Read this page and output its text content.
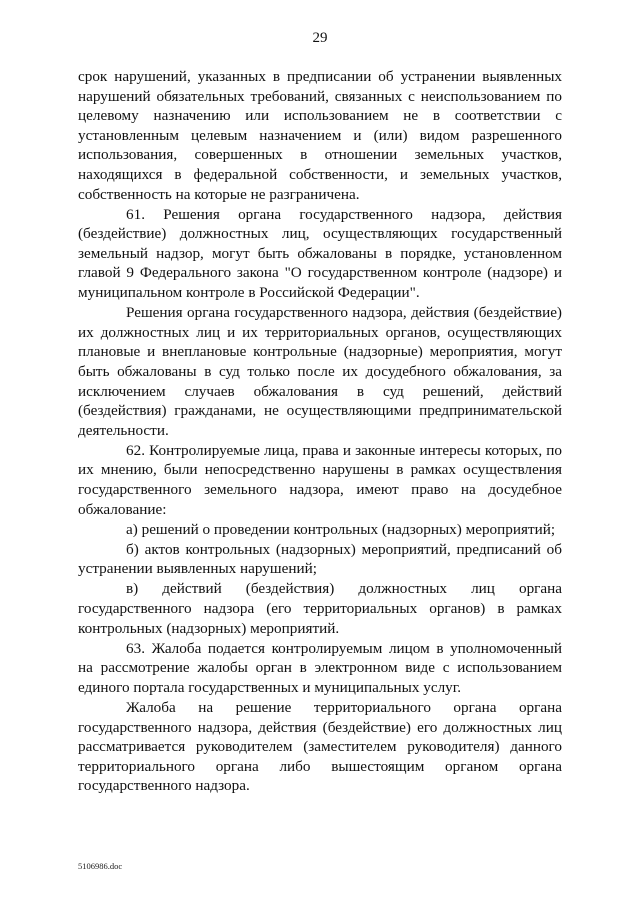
29

срок нарушений, указанных в предписании об устранении выявленных нарушений обязательных требований, связанных с неиспользованием по целевому назначению или использованием не в соответствии с установленным целевым назначением и (или) видом разрешенного использования, совершенных в отношении земельных участков, находящихся в федеральной собственности, и земельных участков, собственность на которые не разграничена.

61. Решения органа государственного надзора, действия (бездействие) должностных лиц, осуществляющих государственный земельный надзор, могут быть обжалованы в порядке, установленном главой 9 Федерального закона "О государственном контроле (надзоре) и муниципальном контроле в Российской Федерации".

Решения органа государственного надзора, действия (бездействие) их должностных лиц и их территориальных органов, осуществляющих плановые и внеплановые контрольные (надзорные) мероприятия, могут быть обжалованы в суд только после их досудебного обжалования, за исключением случаев обжалования в суд решений, действий (бездействия) гражданами, не осуществляющими предпринимательской деятельности.

62. Контролируемые лица, права и законные интересы которых, по их мнению, были непосредственно нарушены в рамках осуществления государственного земельного надзора, имеют право на досудебное обжалование:

а) решений о проведении контрольных (надзорных) мероприятий;

б) актов контрольных (надзорных) мероприятий, предписаний об устранении выявленных нарушений;

в) действий (бездействия) должностных лиц органа государственного надзора (его территориальных органов) в рамках контрольных (надзорных) мероприятий.

63. Жалоба подается контролируемым лицом в уполномоченный на рассмотрение жалобы орган в электронном виде с использованием единого портала государственных и муниципальных услуг.

Жалоба на решение территориального органа органа государственного надзора, действия (бездействие) его должностных лиц рассматривается руководителем (заместителем руководителя) данного территориального органа либо вышестоящим органом органа государственного надзора.

5106986.doc
